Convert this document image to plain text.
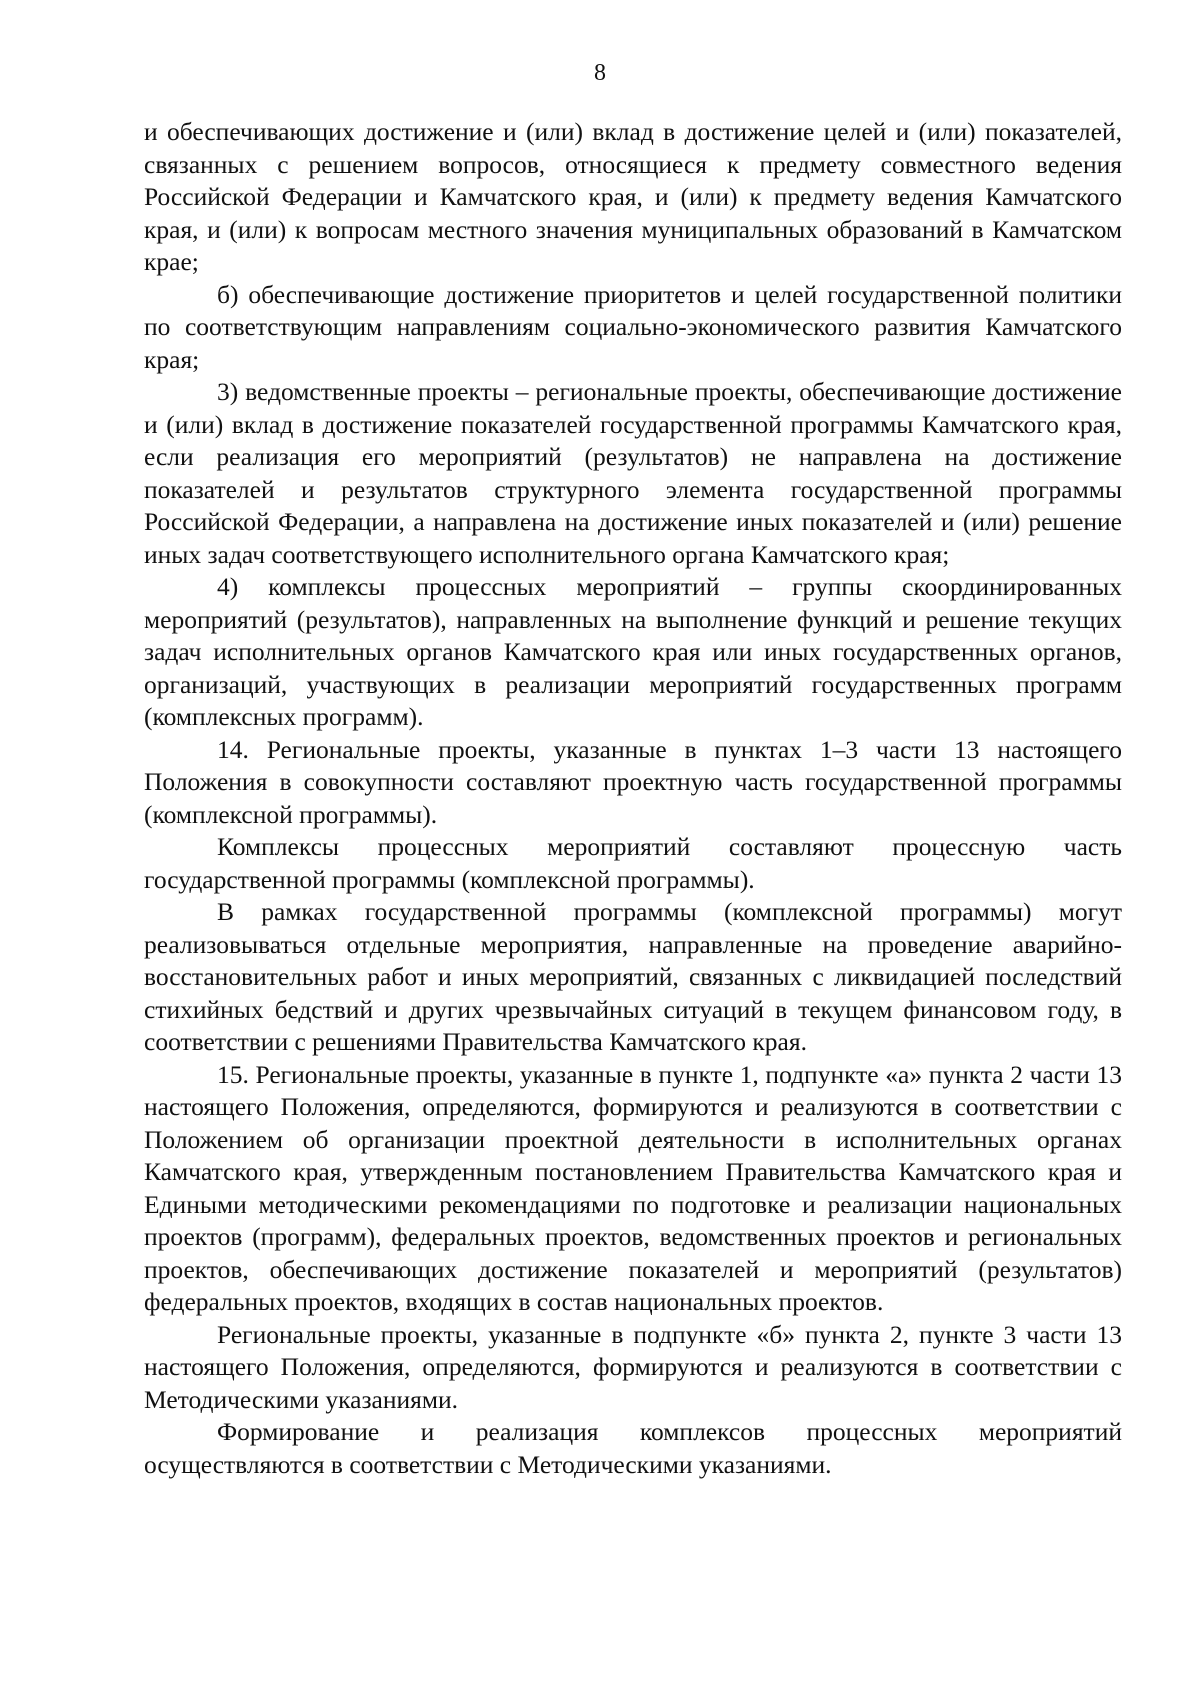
8

и обеспечивающих достижение и (или) вклад в достижение целей и (или) показателей, связанных с решением вопросов, относящиеся к предмету совместного ведения Российской Федерации и Камчатского края, и (или) к предмету ведения Камчатского края, и (или) к вопросам местного значения муниципальных образований в Камчатском крае;

б) обеспечивающие достижение приоритетов и целей государственной политики по соответствующим направлениям социально-экономического развития Камчатского края;

3) ведомственные проекты – региональные проекты, обеспечивающие достижение и (или) вклад в достижение показателей государственной программы Камчатского края, если реализация его мероприятий (результатов) не направлена на достижение показателей и результатов структурного элемента государственной программы Российской Федерации, а направлена на достижение иных показателей и (или) решение иных задач соответствующего исполнительного органа Камчатского края;

4) комплексы процессных мероприятий – группы скоординированных мероприятий (результатов), направленных на выполнение функций и решение текущих задач исполнительных органов Камчатского края или иных государственных органов, организаций, участвующих в реализации мероприятий государственных программ (комплексных программ).

14. Региональные проекты, указанные в пунктах 1–3 части 13 настоящего Положения в совокупности составляют проектную часть государственной программы (комплексной программы).

Комплексы процессных мероприятий составляют процессную часть государственной программы (комплексной программы).

В рамках государственной программы (комплексной программы) могут реализовываться отдельные мероприятия, направленные на проведение аварийно-восстановительных работ и иных мероприятий, связанных с ликвидацией последствий стихийных бедствий и других чрезвычайных ситуаций в текущем финансовом году, в соответствии с решениями Правительства Камчатского края.

15. Региональные проекты, указанные в пункте 1, подпункте «а» пункта 2 части 13 настоящего Положения, определяются, формируются и реализуются в соответствии с Положением об организации проектной деятельности в исполнительных органах Камчатского края, утвержденным постановлением Правительства Камчатского края и Едиными методическими рекомендациями по подготовке и реализации национальных проектов (программ), федеральных проектов, ведомственных проектов и региональных проектов, обеспечивающих достижение показателей и мероприятий (результатов) федеральных проектов, входящих в состав национальных проектов.

Региональные проекты, указанные в подпункте «б» пункта 2, пункте 3 части 13 настоящего Положения, определяются, формируются и реализуются в соответствии с Методическими указаниями.

Формирование и реализация комплексов процессных мероприятий осуществляются в соответствии с Методическими указаниями.
